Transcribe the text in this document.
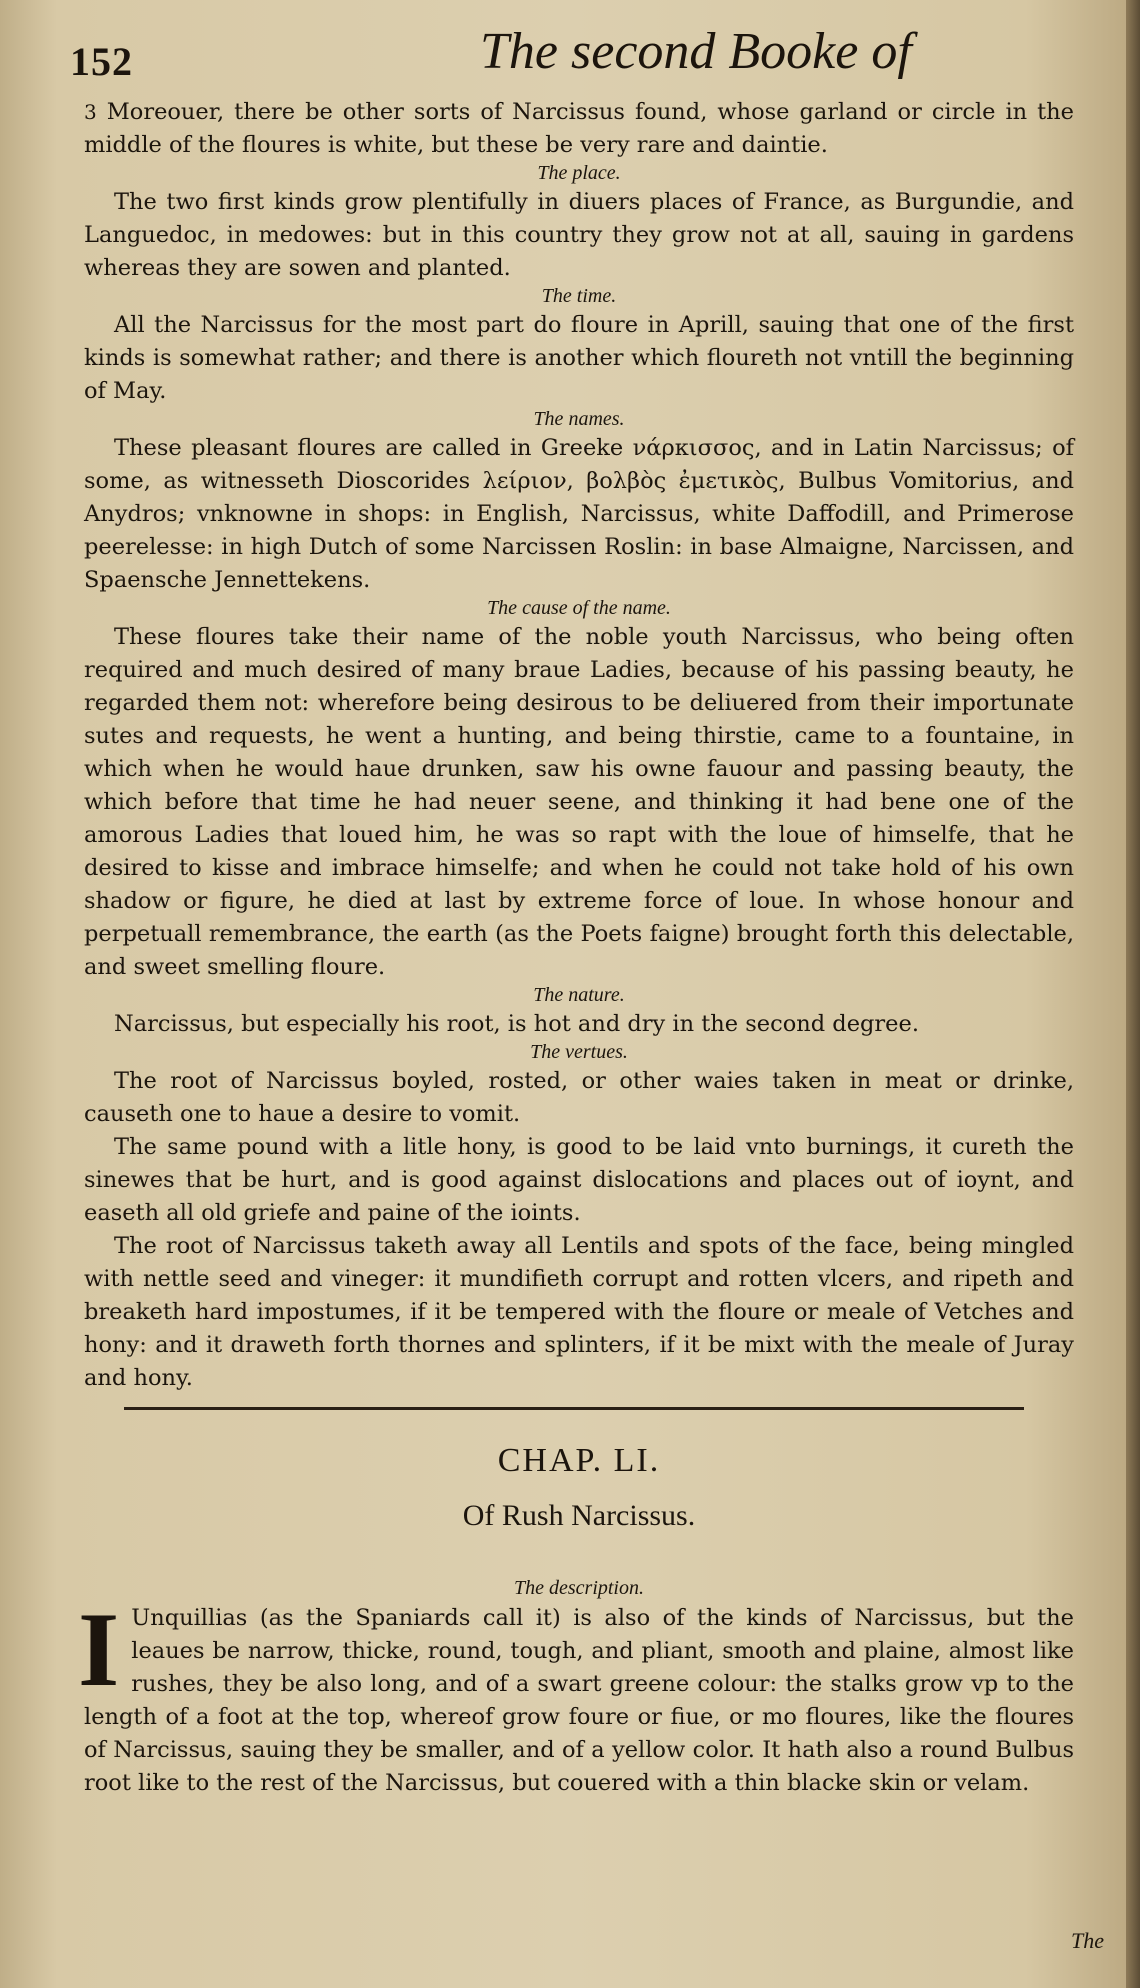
152	The second Booke of

3 Moreouer, there be other sorts of Narcissus found, whose garland or circle in the middle of the floures is white, but these be very rare and daintie.

The place.

The two first kinds grow plentifully in diuers places of France, as Burgundie, and Languedoc, in medowes: but in this country they grow not at all, sauing in gardens whereas they are sowen and planted.

The time.

All the Narcissus for the most part do floure in Aprill, sauing that one of the first kinds is somewhat rather; and there is another which floureth not vntill the beginning of May.

The names.

These pleasant floures are called in Greeke νάρκισσος, and in Latin Narcissus; of some, as witnesseth Dioscorides λείριον, βολβὸς ἐμετικὸς, Bulbus Vomitorius, and Anydros; vnknowne in shops: in English, Narcissus, white Daffodill, and Primerose peerelesse: in high Dutch of some Narcissen Roslin: in base Almaigne, Narcissen, and Spaensche Jennettekens.

The cause of the name.

These floures take their name of the noble youth Narcissus, who being often required and much desired of many braue Ladies, because of his passing beauty, he regarded them not: wherefore being desirous to be deliuered from their importunate sutes and requests, he went a hunting, and being thirstie, came to a fountaine, in which when he would haue drunken, saw his owne fauour and passing beauty, the which before that time he had neuer seene, and thinking it had bene one of the amorous Ladies that loued him, he was so rapt with the loue of himselfe, that he desired to kisse and imbrace himselfe; and when he could not take hold of his own shadow or figure, he died at last by extreme force of loue. In whose honour and perpetuall remembrance, the earth (as the Poets faigne) brought forth this delectable, and sweet smelling floure.

The nature.

Narcissus, but especially his root, is hot and dry in the second degree.

The vertues.

The root of Narcissus boyled, rosted, or other waies taken in meat or drinke, causeth one to haue a desire to vomit.

The same pound with a litle hony, is good to be laid vnto burnings, it cureth the sinewes that be hurt, and is good against dislocations and places out of ioynt, and easeth all old griefe and paine of the ioints.

The root of Narcissus taketh away all Lentils and spots of the face, being mingled with nettle seed and vineger: it mundifieth corrupt and rotten vlcers, and ripeth and breaketh hard impostumes, if it be tempered with the floure or meale of Vetches and hony: and it draweth forth thornes and splinters, if it be mixt with the meale of Juray and hony.

CHAP. LI.
Of Rush Narcissus.
The description.

I Unquillias (as the Spaniards call it) is also of the kinds of Narcissus, but the leaues be narrow, thicke, round, tough, and pliant, smooth and plaine, almost like rushes, they be also long, and of a swart greene colour: the stalks grow vp to the length of a foot at the top, whereof grow foure or fiue, or mo floures, like the floures of Narcissus, sauing they be smaller, and of a yellow color. It hath also a round Bulbus root like to the rest of the Narcissus, but couered with a thin blacke skin or velam.

The
